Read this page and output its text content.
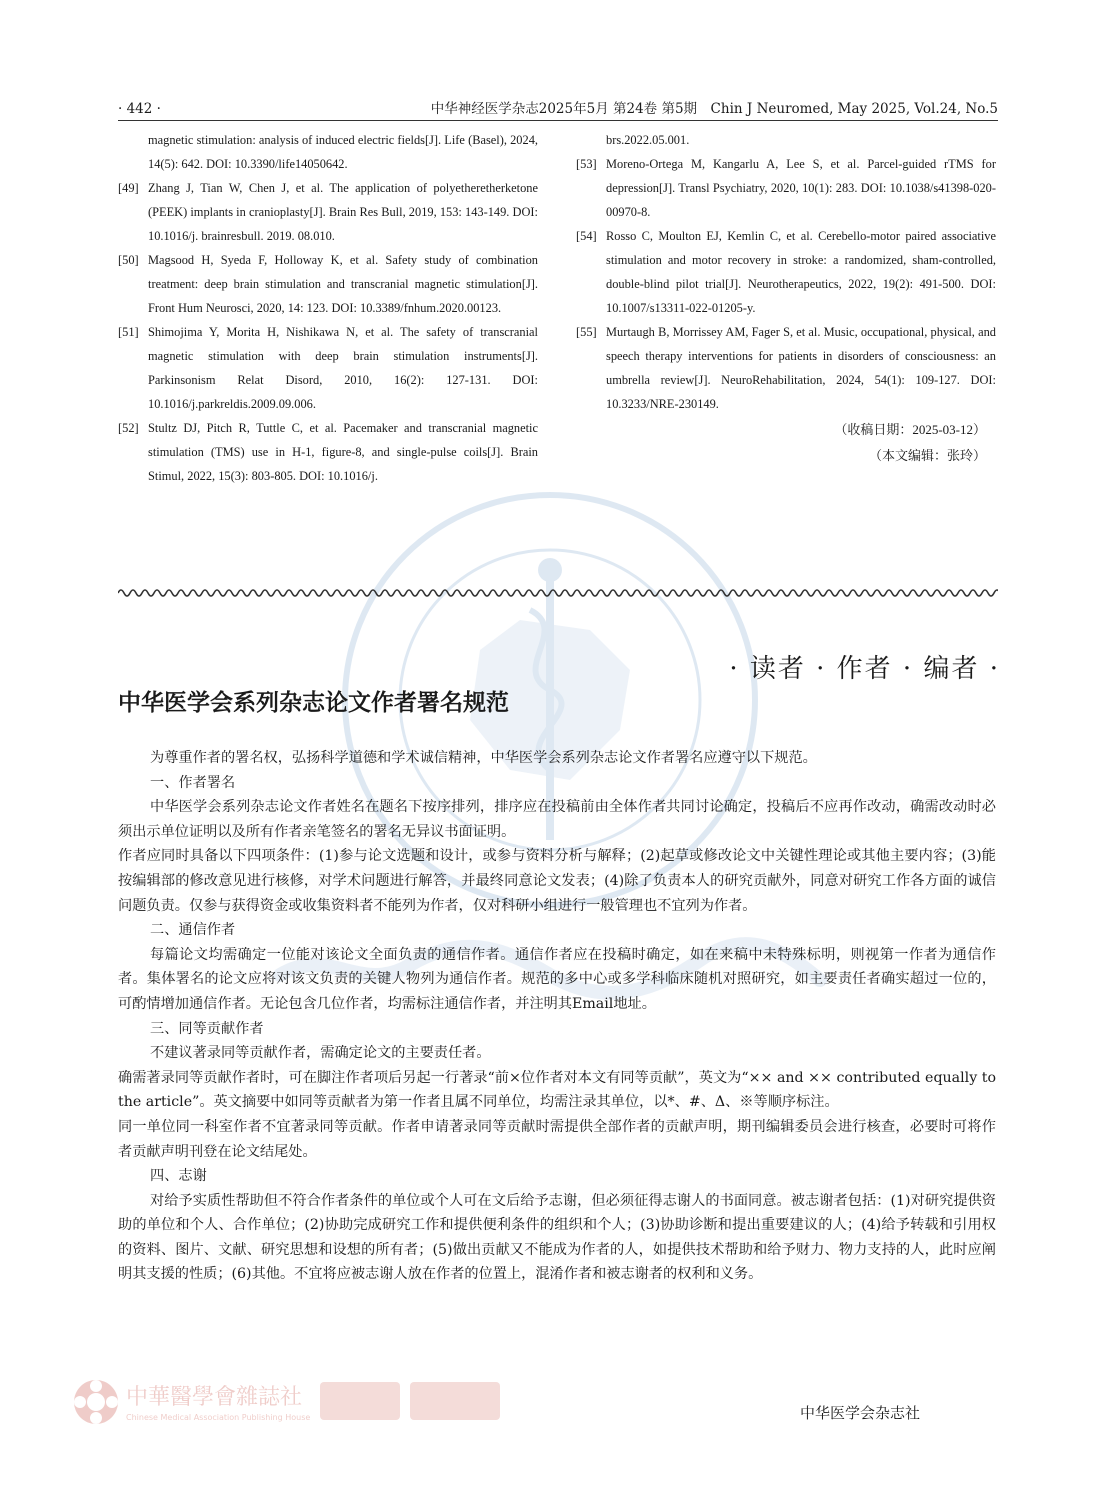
· 442 ·	中华神经医学杂志2025年5月 第24卷 第5期　Chin J Neuromed, May 2025, Vol.24, No.5

magnetic stimulation: analysis of induced electric fields[J]. Life (Basel), 2024, 14(5): 642. DOI: 10.3390/life14050642.

[49] Zhang J, Tian W, Chen J, et al. The application of polyetheretherketone (PEEK) implants in cranioplasty[J]. Brain Res Bull, 2019, 153: 143-149. DOI: 10.1016/j. brainresbull. 2019. 08.010.

[50] Magsood H, Syeda F, Holloway K, et al. Safety study of combination treatment: deep brain stimulation and transcranial magnetic stimulation[J]. Front Hum Neurosci, 2020, 14: 123. DOI: 10.3389/fnhum.2020.00123.

[51] Shimojima Y, Morita H, Nishikawa N, et al. The safety of transcranial magnetic stimulation with deep brain stimulation instruments[J]. Parkinsonism Relat Disord, 2010, 16(2): 127-131. DOI: 10.1016/j.parkreldis.2009.09.006.

[52] Stultz DJ, Pitch R, Tuttle C, et al. Pacemaker and transcranial magnetic stimulation (TMS) use in H-1, figure-8, and single-pulse coils[J]. Brain Stimul, 2022, 15(3): 803-805. DOI: 10.1016/j.

brs.2022.05.001.

[53] Moreno-Ortega M, Kangarlu A, Lee S, et al. Parcel-guided rTMS for depression[J]. Transl Psychiatry, 2020, 10(1): 283. DOI: 10.1038/s41398-020-00970-8.

[54] Rosso C, Moulton EJ, Kemlin C, et al. Cerebello-motor paired associative stimulation and motor recovery in stroke: a randomized, sham-controlled, double-blind pilot trial[J]. Neurotherapeutics, 2022, 19(2): 491-500. DOI: 10.1007/s13311-022-01205-y.

[55] Murtaugh B, Morrissey AM, Fager S, et al. Music, occupational, physical, and speech therapy interventions for patients in disorders of consciousness: an umbrella review[J]. NeuroRehabilitation, 2024, 54(1): 109-127. DOI: 10.3233/NRE-230149.

（收稿日期：2025-03-12）
（本文编辑：张玲）
· 读者 · 作者 · 编者 ·
中华医学会系列杂志论文作者署名规范

为尊重作者的署名权，弘扬科学道德和学术诚信精神，中华医学会系列杂志论文作者署名应遵守以下规范。

一、作者署名

中华医学会系列杂志论文作者姓名在题名下按序排列，排序应在投稿前由全体作者共同讨论确定，投稿后不应再作改动，确需改动时必须出示单位证明以及所有作者亲笔签名的署名无异议书面证明。

作者应同时具备以下四项条件：(1)参与论文选题和设计，或参与资料分析与解释；(2)起草或修改论文中关键性理论或其他主要内容；(3)能按编辑部的修改意见进行核修，对学术问题进行解答，并最终同意论文发表；(4)除了负责本人的研究贡献外，同意对研究工作各方面的诚信问题负责。仅参与获得资金或收集资料者不能列为作者，仅对科研小组进行一般管理也不宜列为作者。

二、通信作者

每篇论文均需确定一位能对该论文全面负责的通信作者。通信作者应在投稿时确定，如在来稿中未特殊标明，则视第一作者为通信作者。集体署名的论文应将对该文负责的关键人物列为通信作者。规范的多中心或多学科临床随机对照研究，如主要责任者确实超过一位的，可酌情增加通信作者。无论包含几位作者，均需标注通信作者，并注明其Email地址。

三、同等贡献作者

不建议著录同等贡献作者，需确定论文的主要责任者。

确需著录同等贡献作者时，可在脚注作者项后另起一行著录“前×位作者对本文有同等贡献”，英文为“×× and ×× contributed equally to the article”。英文摘要中如同等贡献者为第一作者且属不同单位，均需注录其单位，以*、#、Δ、※等顺序标注。

同一单位同一科室作者不宜著录同等贡献。作者申请著录同等贡献时需提供全部作者的贡献声明，期刊编辑委员会进行核查，必要时可将作者贡献声明刊登在论文结尾处。

四、志谢

对给予实质性帮助但不符合作者条件的单位或个人可在文后给予志谢，但必须征得志谢人的书面同意。被志谢者包括：(1)对研究提供资助的单位和个人、合作单位；(2)协助完成研究工作和提供便利条件的组织和个人；(3)协助诊断和提出重要建议的人；(4)给予转载和引用权的资料、图片、文献、研究思想和设想的所有者；(5)做出贡献又不能成为作者的人，如提供技术帮助和给予财力、物力支持的人，此时应阐明其支援的性质；(6)其他。不宜将应被志谢人放在作者的位置上，混淆作者和被志谢者的权利和义务。

中華醫學會雜誌社
Chinese Medical Association Publishing House	中华医学会杂志社
